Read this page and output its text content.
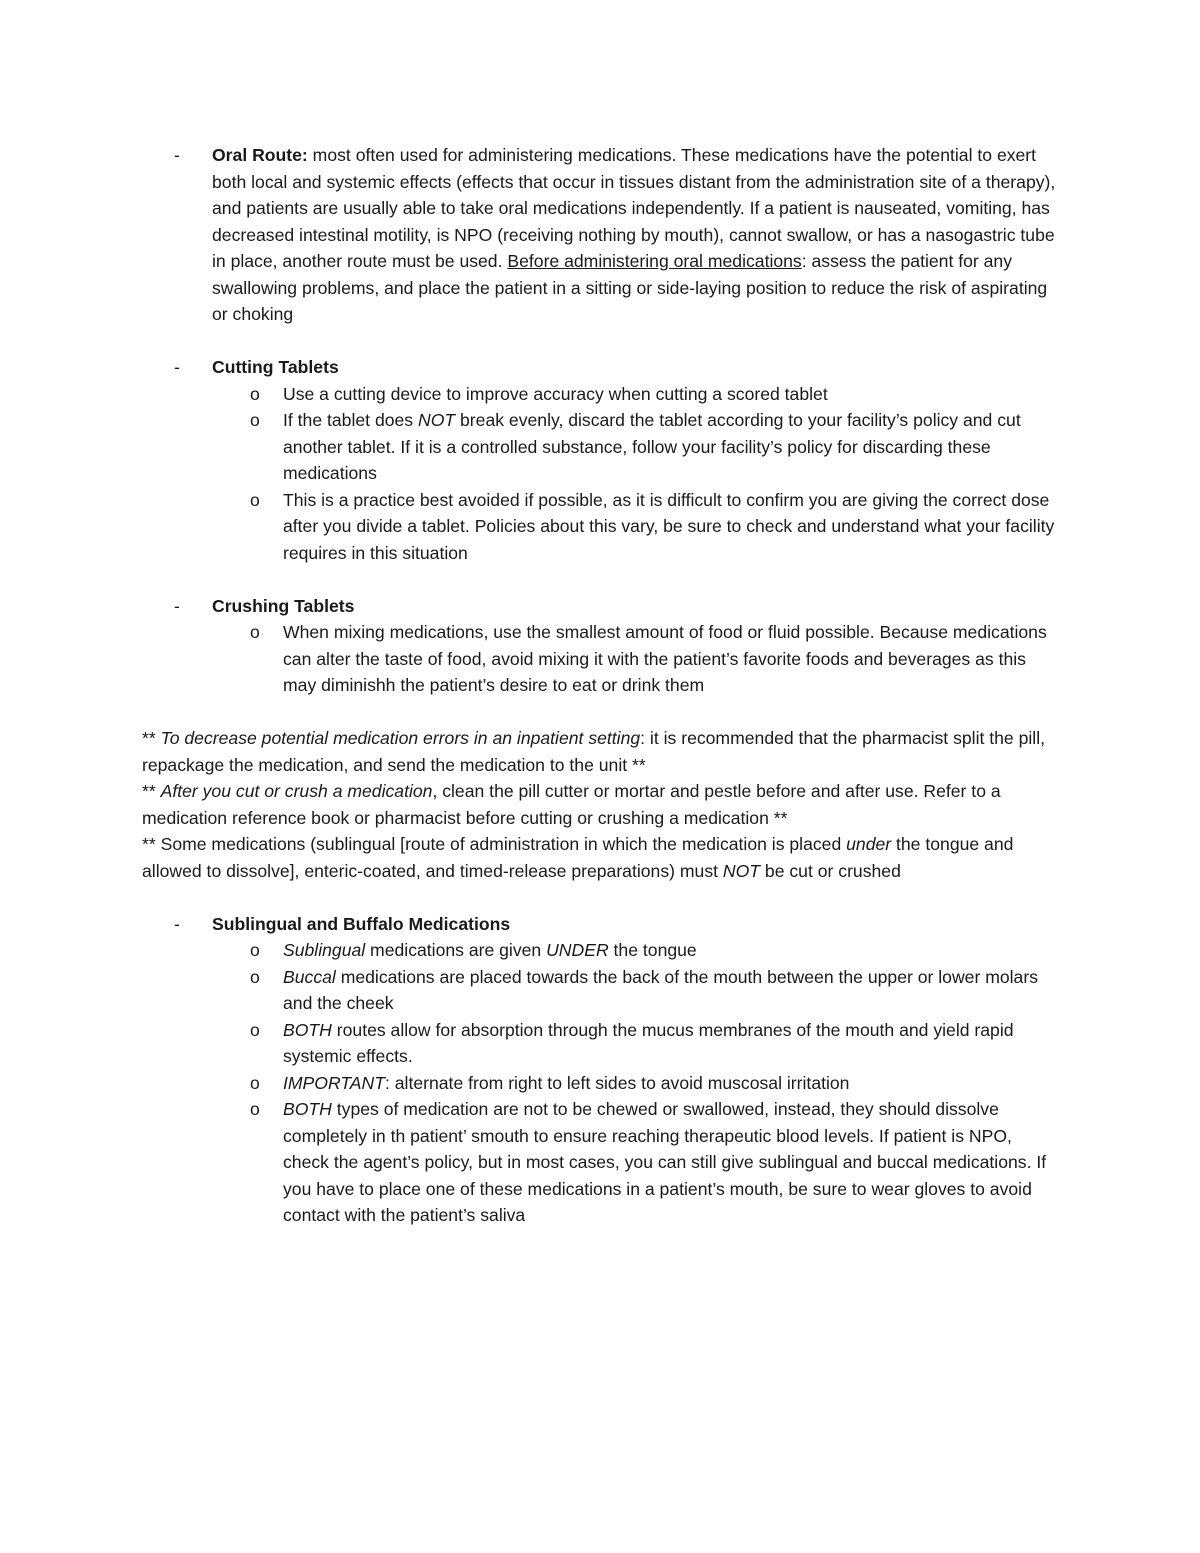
- Oral Route: most often used for administering medications. These medications have the potential to exert both local and systemic effects (effects that occur in tissues distant from the administration site of a therapy), and patients are usually able to take oral medications independently. If a patient is nauseated, vomiting, has decreased intestinal motility, is NPO (receiving nothing by mouth), cannot swallow, or has a nasogastric tube in place, another route must be used. Before administering oral medications: assess the patient for any swallowing problems, and place the patient in a sitting or side-laying position to reduce the risk of aspirating or choking

- Cutting Tablets

o Use a cutting device to improve accuracy when cutting a scored tablet
o If the tablet does NOT break evenly, discard the tablet according to your facility’s policy and cut another tablet. If it is a controlled substance, follow your facility’s policy for discarding these medications
o This is a practice best avoided if possible, as it is difficult to confirm you are giving the correct dose after you divide a tablet. Policies about this vary, be sure to check and understand what your facility requires in this situation
- Crushing Tablets

o When mixing medications, use the smallest amount of food or fluid possible. Because medications can alter the taste of food, avoid mixing it with the patient’s favorite foods and beverages as this may diminishh the patient’s desire to eat or drink them

** To decrease potential medication errors in an inpatient setting: it is recommended that the pharmacist split the pill, repackage the medication, and send the medication to the unit **

** After you cut or crush a medication, clean the pill cutter or mortar and pestle before and after use. Refer to a medication reference book or pharmacist before cutting or crushing a medication **

** Some medications (sublingual [route of administration in which the medication is placed under the tongue and allowed to dissolve], enteric-coated, and timed-release preparations) must NOT be cut or crushed

- Sublingual and Buffalo Medications

o Sublingual medications are given UNDER the tongue
o Buccal medications are placed towards the back of the mouth between the upper or lower molars and the cheek
o BOTH routes allow for absorption through the mucus membranes of the mouth and yield rapid systemic effects.
o IMPORTANT: alternate from right to left sides to avoid muscosal irritation
o BOTH types of medication are not to be chewed or swallowed, instead, they should dissolve completely in th patient’ smouth to ensure reaching therapeutic blood levels. If patient is NPO, check the agent’s policy, but in most cases, you can still give sublingual and buccal medications. If you have to place one of these medications in a patient’s mouth, be sure to wear gloves to avoid contact with the patient’s saliva
